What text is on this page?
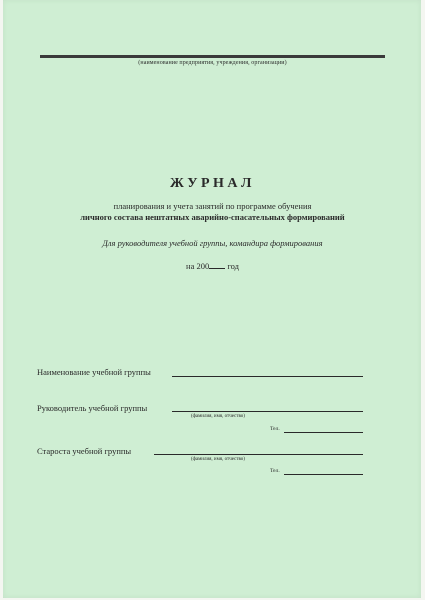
(наименование предприятия, учреждения, организации)
ЖУРНАЛ
планирования и учета занятий по программе обучения
личного состава нештатных аварийно-спасательных формирований
Для руководителя учебной группы, командира формирования
на 200 год
Наименование учебной группы
Руководитель учебной группы
(фамилия, имя, отчество)
Тел.
Староста учебной группы
(фамилия, имя, отчество)
Тел.
